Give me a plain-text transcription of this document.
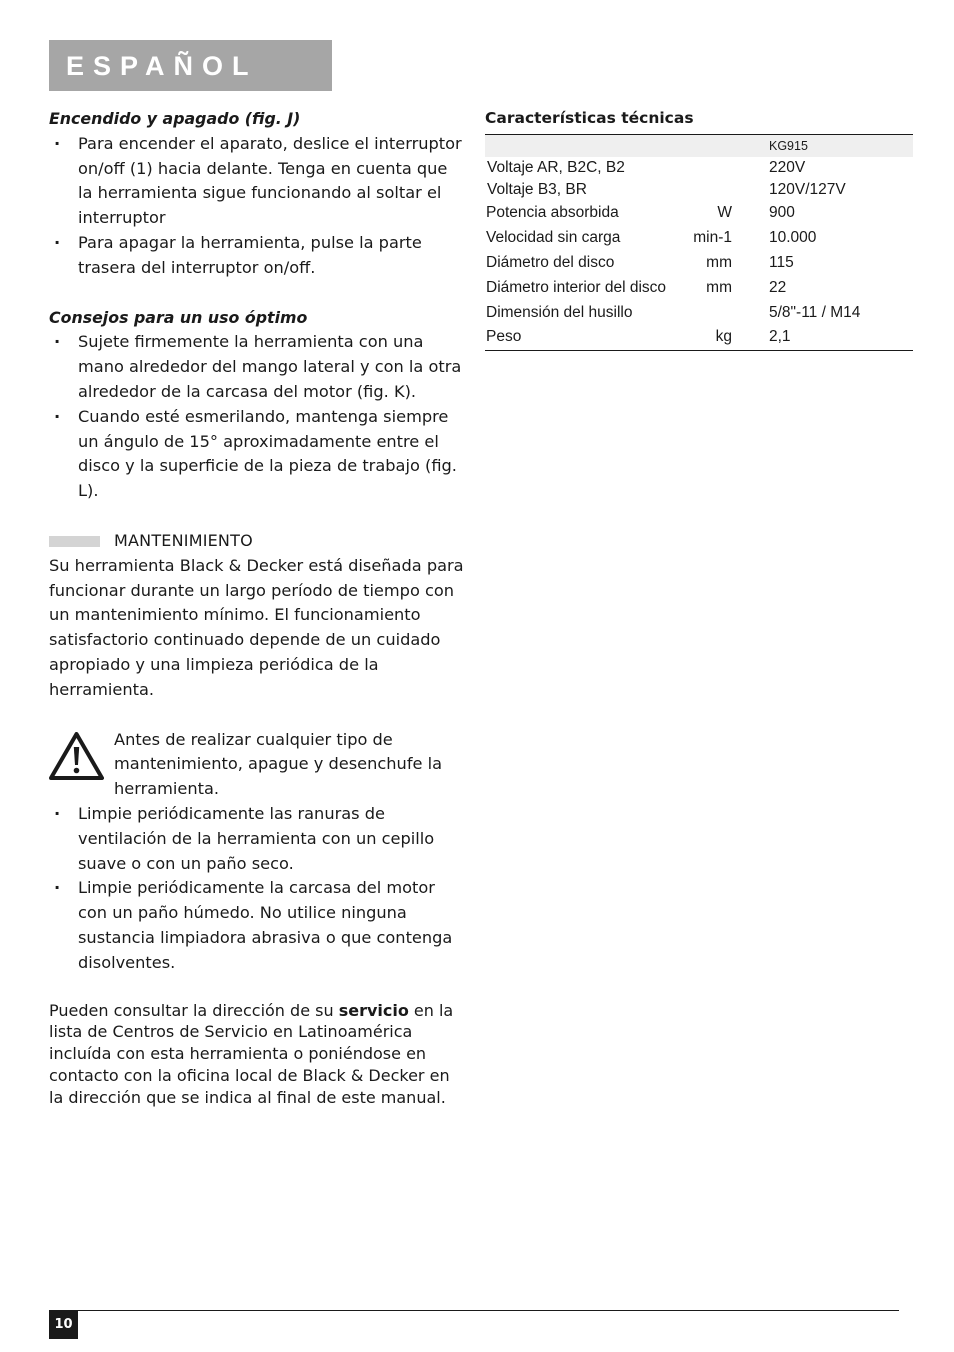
ESPAÑOL

Encendido y apagado (fig. J)

· Para encender el aparato, deslice el interruptor on/off (1) hacia delante. Tenga en cuenta que la herramienta sigue funcionando al soltar el interruptor
· Para apagar la herramienta, pulse la parte trasera del interruptor on/off.

Consejos para un uso óptimo

· Sujete firmemente la herramienta con una mano alrededor del mango lateral y con la otra alrededor de la carcasa del motor (fig. K).
· Cuando esté esmerilando, mantenga siempre un ángulo de 15° aproximadamente entre el disco y la superficie de la pieza de trabajo (fig. L).
MANTENIMIENTO

Su herramienta Black & Decker está diseñada para funcionar durante un largo período de tiempo con un mantenimiento mínimo. El funcionamiento satisfactorio continuado depende de un cuidado apropiado y una limpieza periódica de la herramienta.

Antes de realizar cualquier tipo de mantenimiento, apague y desenchufe la herramienta.

· Limpie periódicamente las ranuras de ventilación de la herramienta con un cepillo suave o con un paño seco.
· Limpie periódicamente la carcasa del motor con un paño húmedo. No utilice ninguna sustancia limpiadora abrasiva o que contenga disolventes.

Pueden consultar la dirección de su servicio en la lista de Centros de Servicio en Latinoamérica incluída con esta herramienta o poniéndose en contacto con la oficina local de Black & Decker en la dirección que se indica al final de este manual.

Características técnicas

		KG915
Voltaje AR, B2C, B2		220V
Voltaje B3, BR		120V/127V
Potencia absorbida	W	900
Velocidad sin carga	min-1	10.000
Diámetro del disco	mm	115
Diámetro interior del disco	mm	22
Dimensión del husillo		5/8"-11 / M14
Peso	kg	2,1
10
